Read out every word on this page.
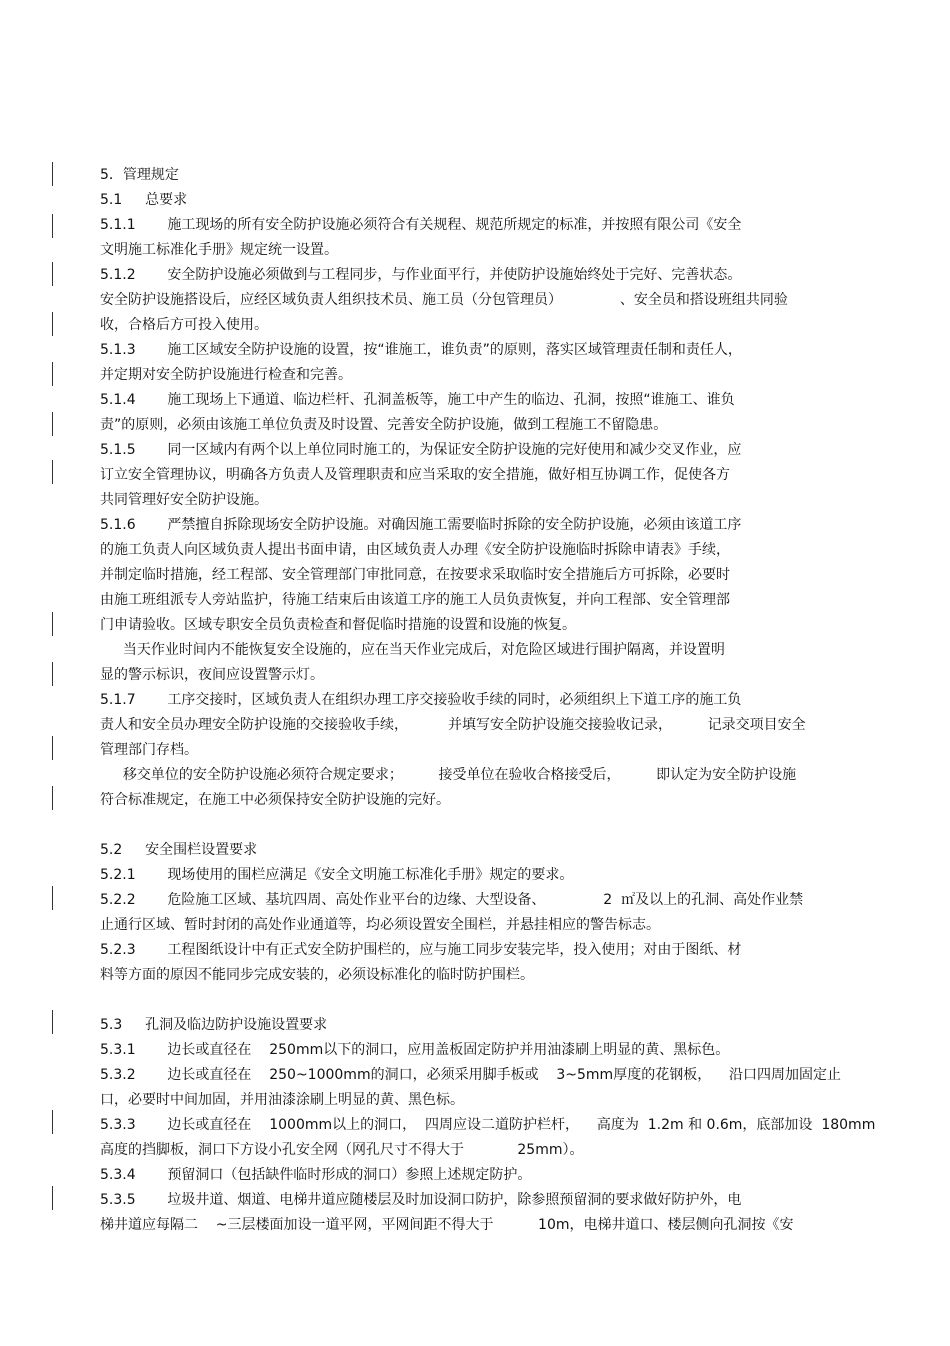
5．管理规定
5.1　  总要求
5.1.1　    施工现场的所有安全防护设施必须符合有关规程、规范所规定的标准，并按照有限公司《安全
文明施工标准化手册》规定统一设置。
5.1.2　    安全防护设施必须做到与工程同步，与作业面平行，并使防护设施始终处于完好、完善状态。
安全防护设施搭设后，应经区域负责人组织技术员、施工员（分包管理员）             、安全员和搭设班组共同验
收，合格后方可投入使用。
5.1.3　    施工区域安全防护设施的设置，按“谁施工，谁负责”的原则，落实区域管理责任制和责任人，
并定期对安全防护设施进行检查和完善。
5.1.4　    施工现场上下通道、临边栏杆、孔洞盖板等，施工中产生的临边、孔洞，按照“谁施工、谁负
责”的原则，必须由该施工单位负责及时设置、完善安全防护设施，做到工程施工不留隐患。
5.1.5　    同一区域内有两个以上单位同时施工的，为保证安全防护设施的完好使用和减少交叉作业，应
订立安全管理协议，明确各方负责人及管理职责和应当采取的安全措施，做好相互协调工作，促使各方
共同管理好安全防护设施。
5.1.6　    严禁擅自拆除现场安全防护设施。对确因施工需要临时拆除的安全防护设施，必须由该道工序
的施工负责人向区域负责人提出书面申请，由区域负责人办理《安全防护设施临时拆除申请表》手续，
并制定临时措施，经工程部、安全管理部门审批同意，在按要求采取临时安全措施后方可拆除，必要时
由施工班组派专人旁站监护，待施工结束后由该道工序的施工人员负责恢复，并向工程部、安全管理部
门申请验收。区域专职安全员负责检查和督促临时措施的设置和设施的恢复。
　  当天作业时间内不能恢复安全设施的，应在当天作业完成后，对危险区域进行围护隔离，并设置明
显的警示标识，夜间应设置警示灯。
5.1.7　    工序交接时，区域负责人在组织办理工序交接验收手续的同时，必须组织上下道工序的施工负
责人和安全员办理安全防护设施的交接验收手续，         并填写安全防护设施交接验收记录，        记录交项目安全
管理部门存档。
　  移交单位的安全防护设施必须符合规定要求；        接受单位在验收合格接受后，        即认定为安全防护设施
符合标准规定，在施工中必须保持安全防护设施的完好。
5.2　  安全围栏设置要求
5.2.1　    现场使用的围栏应满足《安全文明施工标准化手册》规定的要求。
5.2.2　    危险施工区域、基坑四周、高处作业平台的边缘、大型设备、             2  ㎡及以上的孔洞、高处作业禁
止通行区域、暂时封闭的高处作业通道等，均必须设置安全围栏，并悬挂相应的警告标志。
5.2.3　    工程图纸设计中有正式安全防护围栏的，应与施工同步安装完毕，投入使用；对由于图纸、材
料等方面的原因不能同步完成安装的，必须设标准化的临时防护围栏。
5.3　  孔洞及临边防护设施设置要求
5.3.1　    边长或直径在    250mm以下的洞口，应用盖板固定防护并用油漆刷上明显的黄、黑标色。
5.3.2　    边长或直径在    250~1000mm的洞口，必须采用脚手板或    3~5mm厚度的花钢板，    沿口四周加固定止
口，必要时中间加固，并用油漆涂刷上明显的黄、黑色标。
5.3.3　    边长或直径在    1000mm以上的洞口，  四周应设二道防护栏杆，    高度为  1.2m 和 0.6m，底部加设  180mm
高度的挡脚板，洞口下方设小孔安全网（网孔尺寸不得大于            25mm）。
5.3.4　    预留洞口（包括缺件临时形成的洞口）参照上述规定防护。
5.3.5　    垃圾井道、烟道、电梯井道应随楼层及时加设洞口防护，除参照预留洞的要求做好防护外，电
梯井道应每隔二    ~三层楼面加设一道平网，平网间距不得大于          10m，电梯井道口、楼层侧向孔洞按《安
